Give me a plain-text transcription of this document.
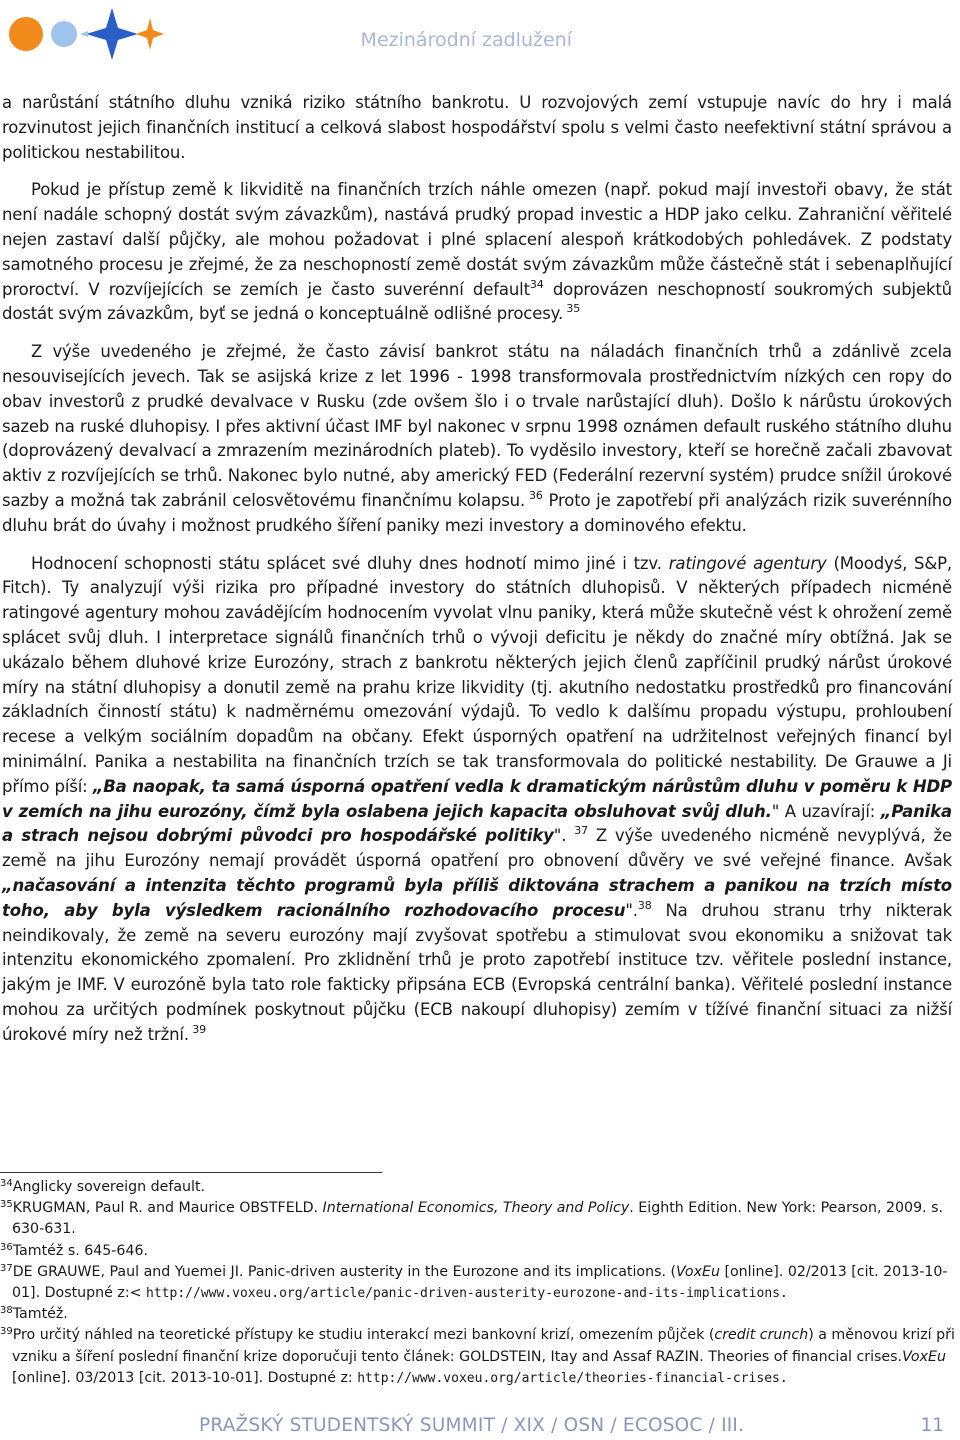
Mezinárodní zadlužení

a narůstání státního dluhu vzniká riziko státního bankrotu. U rozvojových zemí vstupuje navíc do hry i malá rozvinutost jejich finančních institucí a celková slabost hospodářství spolu s velmi často neefektivní státní správou a politickou nestabilitou.

Pokud je přístup země k likviditě na finančních trzích náhle omezen (např. pokud mají investoři obavy, že stát není nadále schopný dostát svým závazkům), nastává prudký propad investic a HDP jako celku. Zahraniční věřitelé nejen zastaví další půjčky, ale mohou požadovat i plné splacení alespoň krátkodobých pohledávek. Z podstaty samotného procesu je zřejmé, že za neschopností země dostát svým závazkům může částečně stát i sebenaplňující proroctví. V rozvíjejících se zemích je často suverénní default$^{34}$ doprovázen neschopností soukromých subjektů dostát svým závazkům, byť se jedná o konceptuálně odlišné procesy. $^{35}$

Z výše uvedeného je zřejmé, že často závisí bankrot státu na náladách finančních trhů a zdánlivě zcela nesouvisejících jevech. Tak se asijská krize z let 1996 - 1998 transformovala prostřednictvím nízkých cen ropy do obav investorů z prudké devalvace v Rusku (zde ovšem šlo i o trvale narůstající dluh). Došlo k nárůstu úrokových sazeb na ruské dluhopisy. I přes aktivní účast IMF byl nakonec v srpnu 1998 oznámen default ruského státního dluhu (doprovázený devalvací a zmrazením mezinárodních plateb). To vyděsilo investory, kteří se horečně začali zbavovat aktiv z rozvíjejících se trhů. Nakonec bylo nutné, aby americký FED (Federální rezervní systém) prudce snížil úrokové sazby a možná tak zabránil celosvětovému finančnímu kolapsu. $^{36}$ Proto je zapotřebí při analýzách rizik suverénního dluhu brát do úvahy i možnost prudkého šíření paniky mezi investory a dominového efektu.

Hodnocení schopnosti státu splácet své dluhy dnes hodnotí mimo jiné i tzv. ratingové agentury (Moodyś, S&P, Fitch). Ty analyzují výši rizika pro případné investory do státních dluhopisů. V některých případech nicméně ratingové agentury mohou zavádějícím hodnocením vyvolat vlnu paniky, která může skutečně vést k ohrožení země splácet svůj dluh. I interpretace signálů finančních trhů o vývoji deficitu je někdy do značné míry obtížná. Jak se ukázalo během dluhové krize Eurozóny, strach z bankrotu některých jejich členů zapříčinil prudký nárůst úrokové míry na státní dluhopisy a donutil země na prahu krize likvidity (tj. akutního nedostatku prostředků pro financování základních činností státu) k nadměrnému omezování výdajů. To vedlo k dalšímu propadu výstupu, prohloubení recese a velkým sociálním dopadům na občany. Efekt úsporných opatření na udržitelnost veřejných financí byl minimální. Panika a nestabilita na finančních trzích se tak transformovala do politické nestability. De Grauwe a Ji přímo píší: „Ba naopak, ta samá úsporná opatření vedla k dramatickým nárůstům dluhu v poměru k HDP v zemích na jihu eurozóny, čímž byla oslabena jejich kapacita obsluhovat svůj dluh." A uzavírají: „Panika a strach nejsou dobrými původci pro hospodářské politiky". $^{37}$ Z výše uvedeného nicméně nevyplývá, že země na jihu Eurozóny nemají provádět úsporná opatření pro obnovení důvěry ve své veřejné finance. Avšak „načasování a intenzita těchto programů byla příliš diktována strachem a panikou na trzích místo toho, aby byla výsledkem racionálního rozhodovacího procesu".$^{38}$ Na druhou stranu trhy nikterak neindikovaly, že země na severu eurozóny mají zvyšovat spotřebu a stimulovat svou ekonomiku a snižovat tak intenzitu ekonomického zpomalení. Pro zklidnění trhů je proto zapotřebí instituce tzv. věřitele poslední instance, jakým je IMF. V eurozóně byla tato role fakticky připsána ECB (Evropská centrální banka). Věřitelé poslední instance mohou za určitých podmínek poskytnout půjčku (ECB nakoupí dluhopisy) zemím v tížívé finanční situaci za nižší úrokové míry než tržní. $^{39}$

$^{34}$Anglicky sovereign default.
$^{35}$KRUGMAN, Paul R. and Maurice OBSTFELD. International Economics, Theory and Policy. Eighth Edition. New York: Pearson, 2009. s. 630-631.
$^{36}$Tamtéž s. 645-646.
$^{37}$DE GRAUWE, Paul and Yuemei JI. Panic-driven austerity in the Eurozone and its implications. (VoxEu [online]. 02/2013 [cit. 2013-10-01]. Dostupné z:< http://www.voxeu.org/article/panic-driven-austerity-eurozone-and-its-implications.
$^{38}$Tamtéž.
$^{39}$Pro určitý náhled na teoretické přístupy ke studiu interakcí mezi bankovní krizí, omezením půjček (credit crunch) a měnovou krizí při vzniku a šíření poslední finanční krize doporučuji tento článek: GOLDSTEIN, Itay and Assaf RAZIN. Theories of financial crises.VoxEu [online]. 03/2013 [cit. 2013-10-01]. Dostupné z: http://www.voxeu.org/article/theories-financial-crises.
PRAŽSKÝ STUDENTSKÝ SUMMIT / XIX / OSN / ECOSOC / III.	11
